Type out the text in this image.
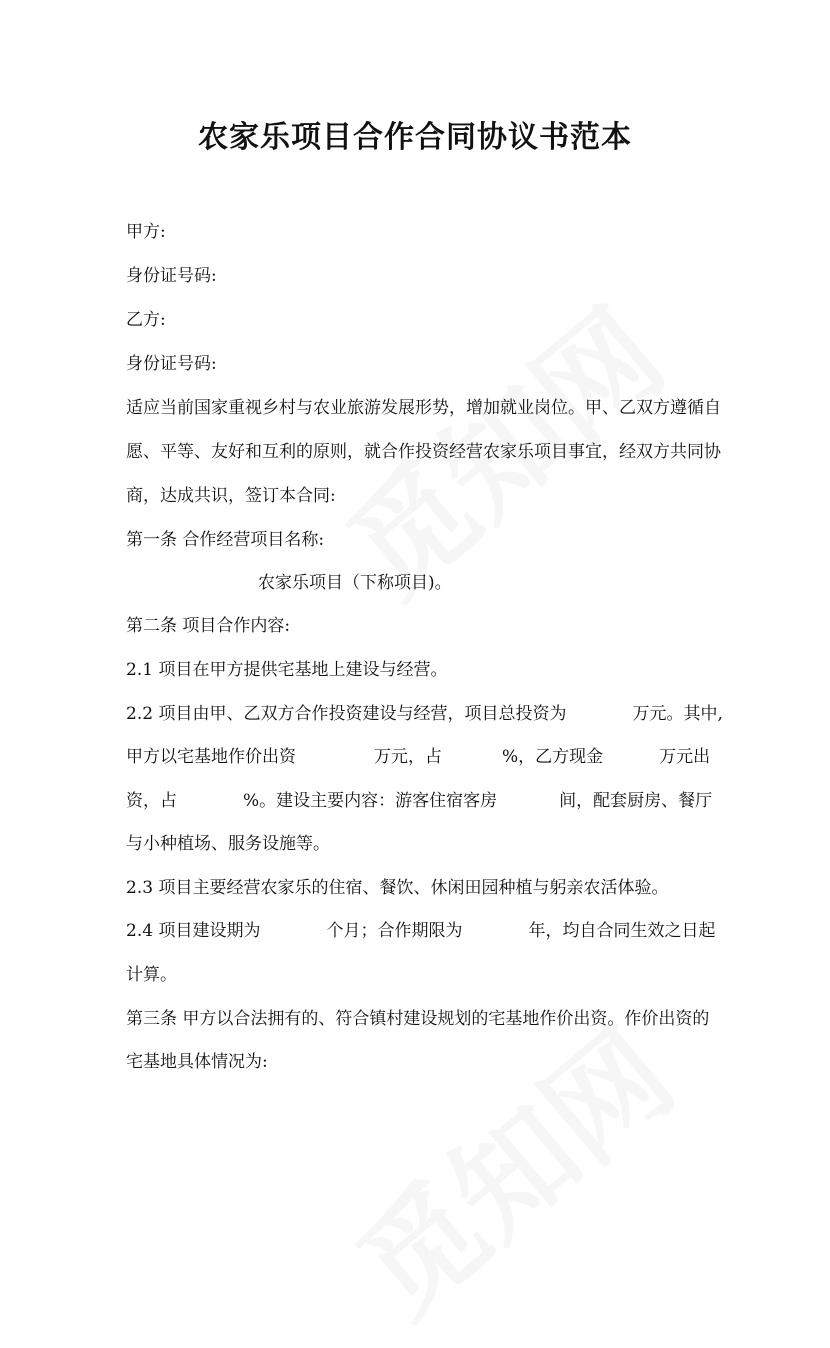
农家乐项目合作合同协议书范本
甲方:
身份证号码:
乙方:
身份证号码:
适应当前国家重视乡村与农业旅游发展形势，增加就业岗位。甲、乙双方遵循自
愿、平等、友好和互利的原则，就合作投资经营农家乐项目事宜，经双方共同协
商，达成共识，签订本合同:
第一条 合作经营项目名称:
农家乐项目（下称项目)。
第二条 项目合作内容:
2.1 项目在甲方提供宅基地上建设与经营。
2.2 项目由甲、乙双方合作投资建设与经营，项目总投资为	万元。其中,
甲方以宅基地作价出资	万元，占	%，乙方现金	万元出
资，占	%。建设主要内容：游客住宿客房	间，配套厨房、餐厅
与小种植场、服务设施等。
2.3 项目主要经营农家乐的住宿、餐饮、休闲田园种植与躬亲农活体验。
2.4 项目建设期为	个月；合作期限为	年，均自合同生效之日起
计算。
第三条 甲方以合法拥有的、符合镇村建设规划的宅基地作价出资。作价出资的
宅基地具体情况为:
